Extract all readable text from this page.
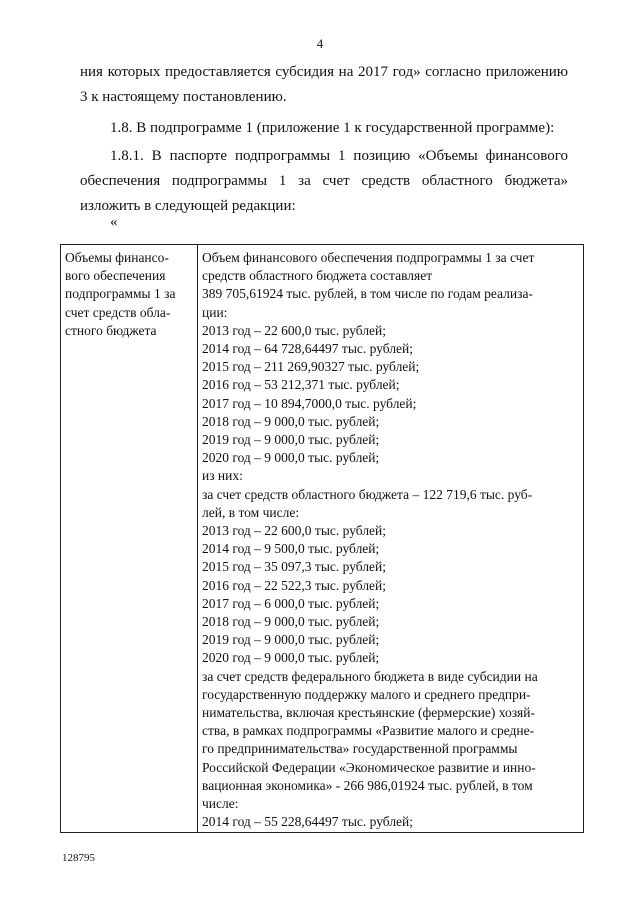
4
ния которых предоставляется субсидия на 2017 год» согласно приложению 3 к настоящему постановлению.
1.8. В подпрограмме 1 (приложение 1 к государственной программе):
1.8.1. В паспорте подпрограммы 1 позицию «Объемы финансового обеспечения подпрограммы 1 за счет средств областного бюджета» изложить в следующей редакции:
«
Объемы финансо-
вого обеспечения
подпрограммы 1 за
счет средств обла-
стного бюджета

Объем финансового обеспечения подпрограммы 1 за счет
средств областного бюджета составляет
389 705,61924 тыс. рублей, в том числе по годам реализа-
ции:
2013 год – 22 600,0 тыс. рублей;
2014 год – 64 728,64497 тыс. рублей;
2015 год – 211 269,90327 тыс. рублей;
2016 год – 53 212,371 тыс. рублей;
2017 год – 10 894,7000,0 тыс. рублей;
2018 год – 9 000,0 тыс. рублей;
2019 год – 9 000,0 тыс. рублей;
2020 год – 9 000,0 тыс. рублей;
из них:
за счет средств областного бюджета – 122 719,6 тыс. руб-
лей, в том числе:
2013 год – 22 600,0 тыс. рублей;
2014 год – 9 500,0 тыс. рублей;
2015 год – 35 097,3 тыс. рублей;
2016 год – 22 522,3 тыс. рублей;
2017 год – 6 000,0 тыс. рублей;
2018 год – 9 000,0 тыс. рублей;
2019 год – 9 000,0 тыс. рублей;
2020 год – 9 000,0 тыс. рублей;
за счет средств федерального бюджета в виде субсидии на
государственную поддержку малого и среднего предпри-
нимательства, включая крестьянские (фермерские) хозяй-
ства, в рамках подпрограммы «Развитие малого и средне-
го предпринимательства» государственной программы
Российской Федерации «Экономическое развитие и инно-
вационная экономика» - 266 986,01924 тыс. рублей, в том
числе:
2014 год – 55 228,64497 тыс. рублей;
128795
